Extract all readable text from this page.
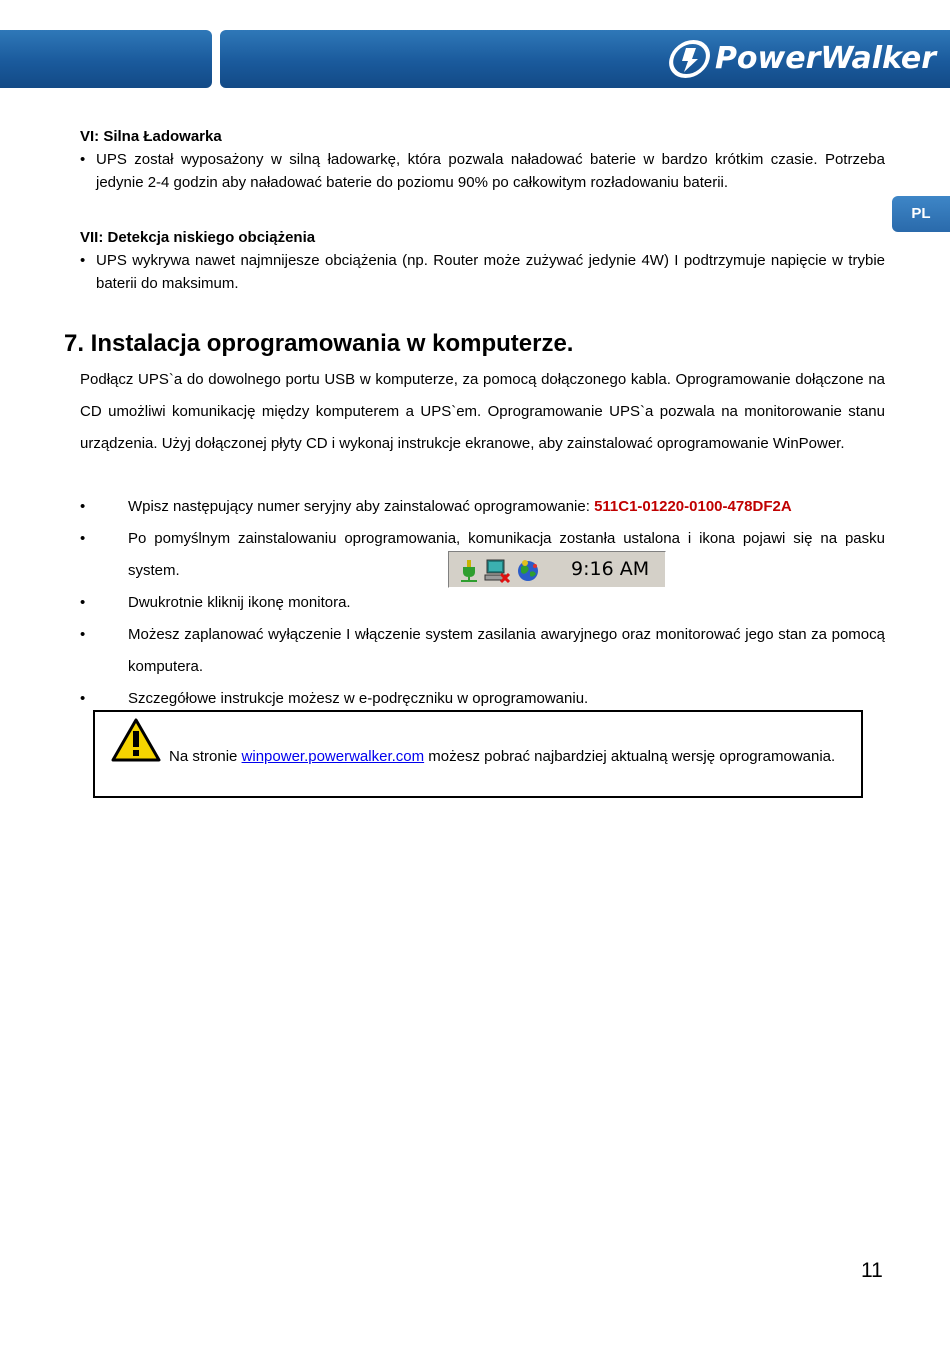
PowerWalker
PL

VI: Silna Ładowarka

• UPS został wyposażony w silną ładowarkę, która pozwala naładować baterie w bardzo krótkim czasie. Potrzeba jedynie 2-4 godzin aby naładować baterie do poziomu 90% po całkowitym rozładowaniu baterii.

VII: Detekcja niskiego obciążenia

• UPS wykrywa nawet najmnijesze obciążenia (np. Router może zużywać jedynie 4W) I podtrzymuje napięcie w trybie baterii do maksimum.

7. Instalacja oprogramowania w komputerze.

Podłącz UPS`a do dowolnego portu USB w komputerze, za pomocą dołączonego kabla. Oprogramowanie dołączone na CD umożliwi komunikację między komputerem a UPS`em. Oprogramowanie UPS`a pozwala na monitorowanie stanu urządzenia. Użyj dołączonej płyty CD i wykonaj instrukcje ekranowe, aby zainstalować oprogramowanie WinPower.

•	Wpisz następujący numer seryjny aby zainstalować oprogramowanie: 511C1-01220-0100-478DF2A
•	Po pomyślnym zainstalowaniu oprogramowania, komunikacja zostanła ustalona i ikona pojawi się na pasku system.
•	Dwukrotnie kliknij ikonę monitora.
•	Możesz zaplanować wyłączenie I włączenie system zasilania awaryjnego oraz monitorować jego stan za pomocą komputera.
•	Szczegółowe instrukcje możesz w e-podręczniku w oprogramowaniu.
9:16 AM
Na stronie winpower.powerwalker.com możesz pobrać najbardziej aktualną wersję oprogramowania.
11
